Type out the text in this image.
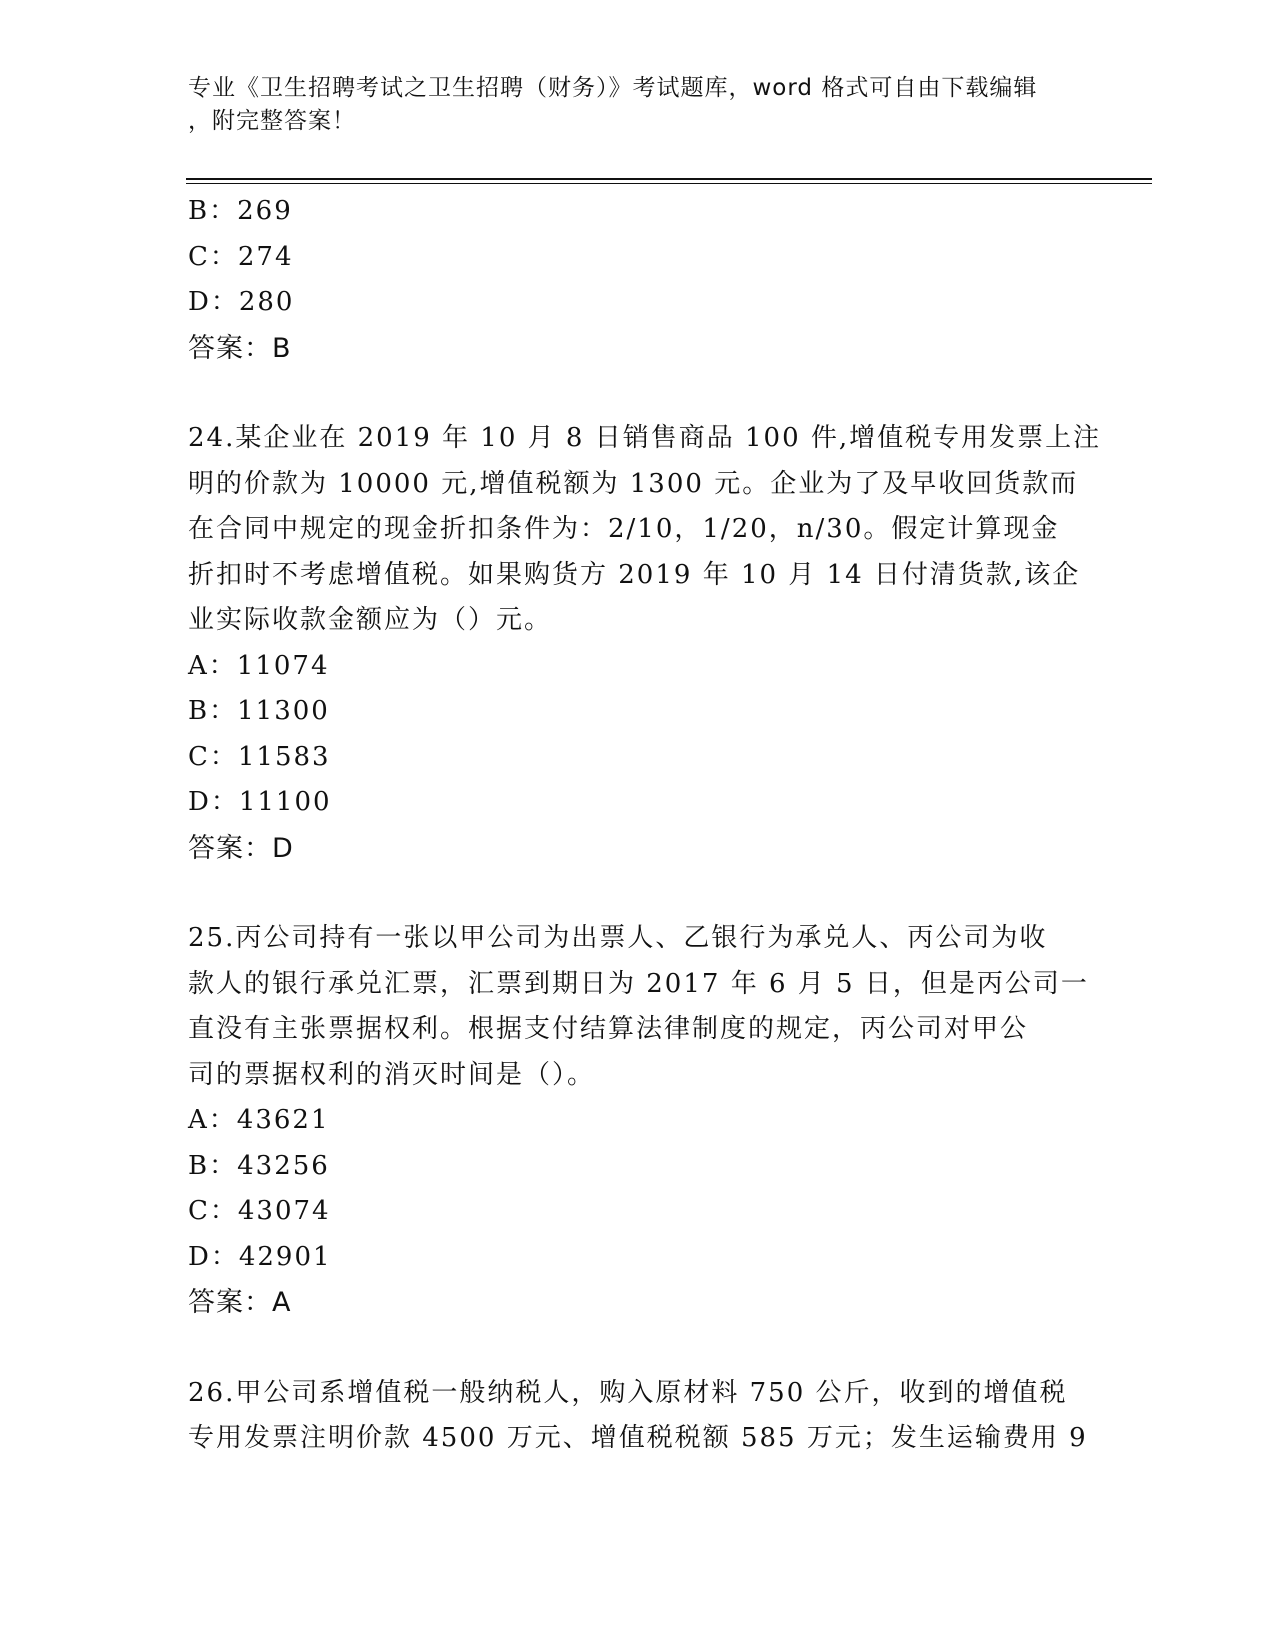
专业《卫生招聘考试之卫生招聘（财务）》考试题库，word 格式可自由下载编辑
，附完整答案！

B：269

C：274

D：280

答案：B

24.某企业在 2019 年 10 月 8 日销售商品 100 件,增值税专用发票上注

明的价款为 10000 元,增值税额为 1300 元。企业为了及早收回货款而

在合同中规定的现金折扣条件为：2/10，1/20，n/30。假定计算现金

折扣时不考虑增值税。如果购货方 2019 年 10 月 14 日付清货款,该企

业实际收款金额应为（）元。

A：11074

B：11300

C：11583

D：11100

答案：D

25.丙公司持有一张以甲公司为出票人、乙银行为承兑人、丙公司为收

款人的银行承兑汇票，汇票到期日为 2017 年 6 月 5 日，但是丙公司一

直没有主张票据权利。根据支付结算法律制度的规定，丙公司对甲公

司的票据权利的消灭时间是（）。

A：43621

B：43256

C：43074

D：42901

答案：A

26.甲公司系增值税一般纳税人，购入原材料 750 公斤，收到的增值税

专用发票注明价款 4500 万元、增值税税额 585 万元；发生运输费用 9
